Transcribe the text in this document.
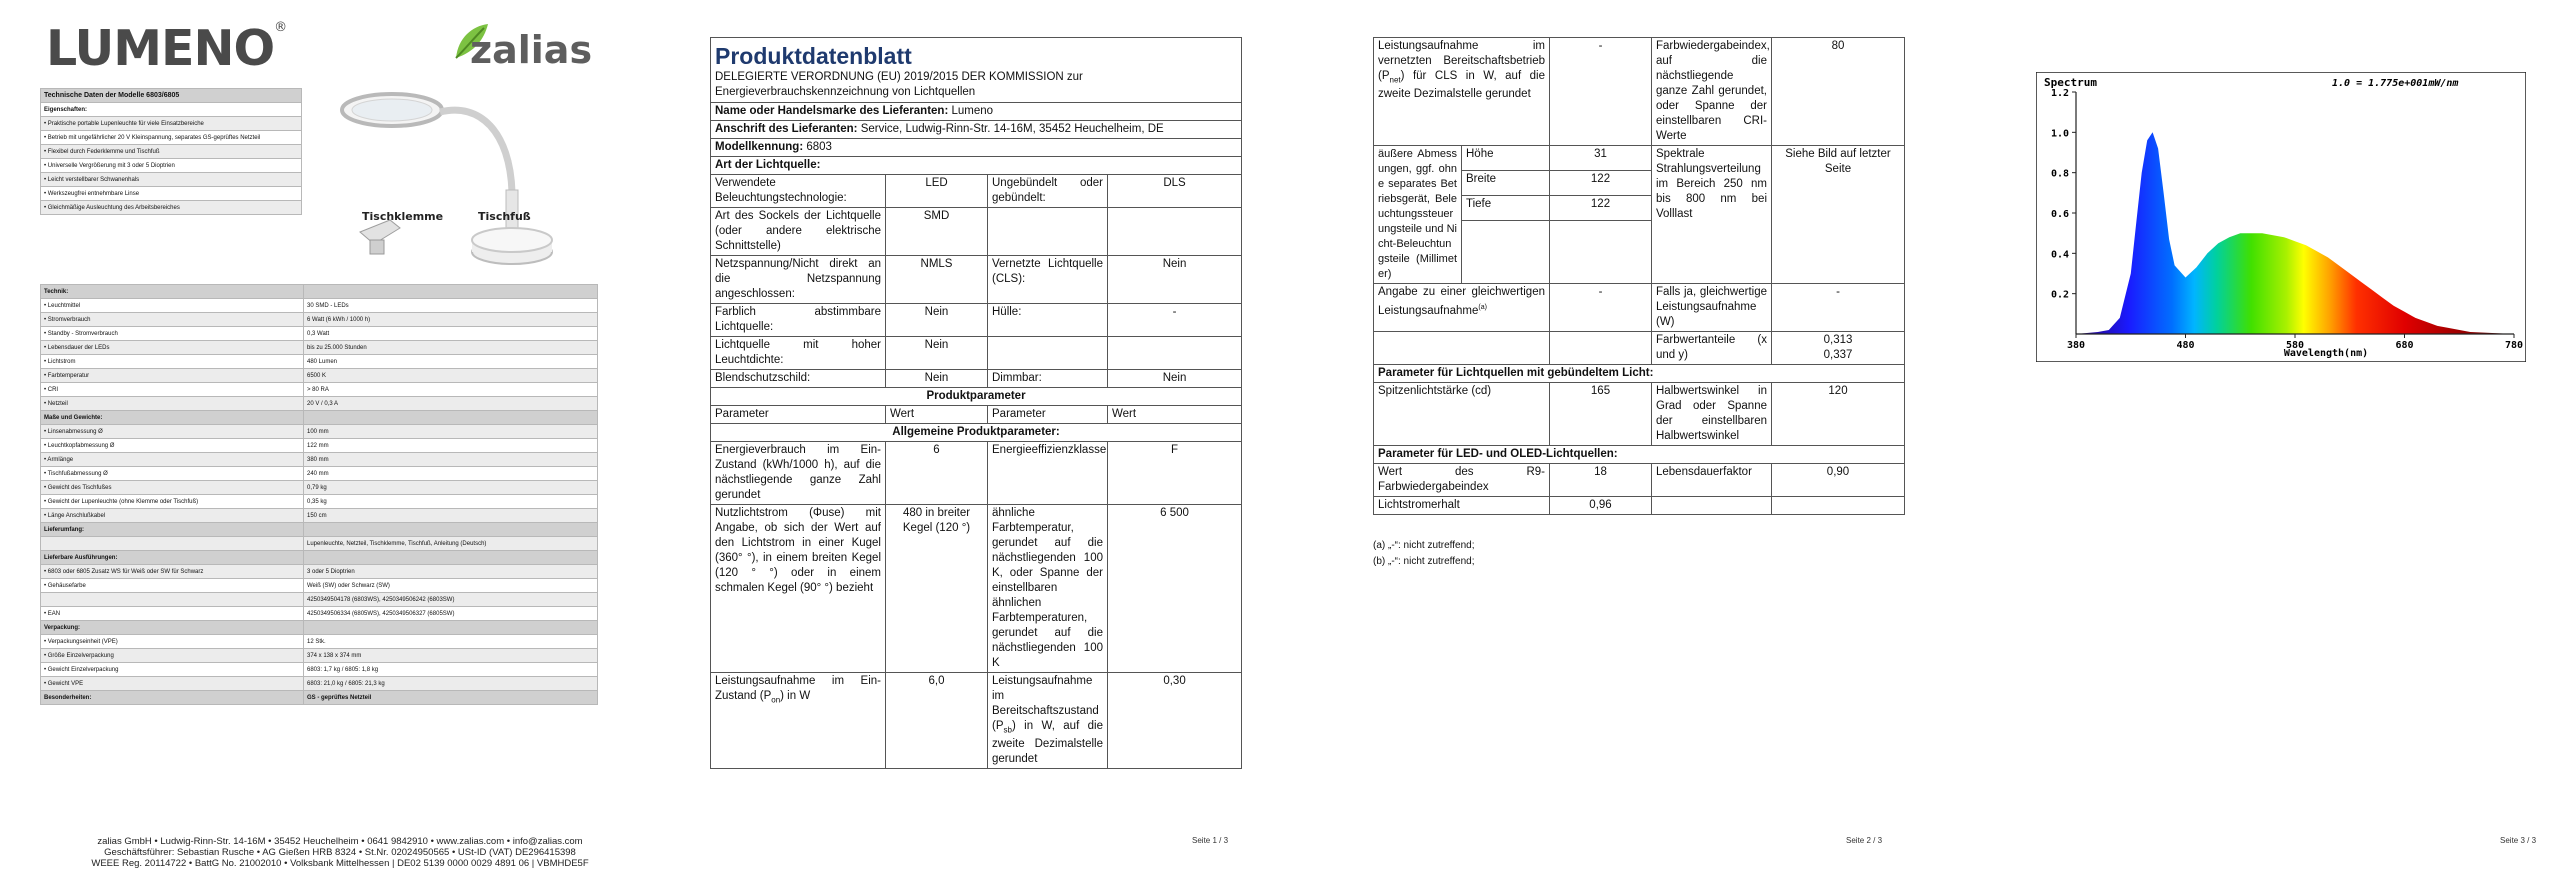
LUMENO®
zalias
Technische Daten der Modelle 6803/6805
Eigenschaften:
• Praktische portable Lupenleuchte für viele Einsatzbereiche
• Betrieb mit ungefährlicher 20 V Kleinspannung, separates GS-geprüftes Netzteil
• Flexibel durch Federklemme und Tischfuß
• Universelle Vergrößerung mit 3 oder 5 Dioptrien
• Leicht verstellbarer Schwanenhals
• Werkszeugfrei entnehmbare Linse
• Gleichmäßige Ausleuchtung des Arbeitsbereiches
Tischklemme	Tischfuß
Technik:	
• Leuchtmittel	30 SMD - LEDs
• Stromverbrauch	6 Watt (6 kWh / 1000 h)
• Standby - Stromverbrauch	0,3 Watt
• Lebensdauer der LEDs	bis zu 25.000 Stunden
• Lichtstrom	480 Lumen
• Farbtemperatur	6500 K
• CRI	> 80 RA
• Netzteil	20 V / 0,3 A
Maße und Gewichte:	
• Linsenabmessung Ø	100 mm
• Leuchtkopfabmessung Ø	122 mm
• Armlänge	380 mm
• Tischfußabmessung Ø	240 mm
• Gewicht des Tischfußes	0,79 kg
• Gewicht der Lupenleuchte (ohne Klemme oder Tischfuß)	0,35 kg
• Länge Anschlußkabel	150 cm
Lieferumfang:	
	Lupenleuchte, Netzteil, Tischklemme, Tischfuß, Anleitung (Deutsch)
Lieferbare Ausführungen:	
• 6803 oder 6805 Zusatz WS für Weiß oder SW für Schwarz	3 oder 5 Dioptrien
• Gehäusefarbe	Weiß (SW) oder Schwarz (SW)
	4250349504178 (6803WS), 4250349506242 (6803SW)
• EAN	4250349506334 (6805WS), 4250349506327 (6805SW)
Verpackung:	
• Verpackungseinheit (VPE)	12 Stk.
• Größe Einzelverpackung	374 x 138 x 374 mm
• Gewicht Einzelverpackung	6803: 1,7 kg / 6805: 1,8 kg
• Gewicht VPE	6803: 21,0 kg / 6805: 21,3 kg
Besonderheiten:	GS - geprüftes Netzteil
zalias GmbH • Ludwig-Rinn-Str. 14-16M • 35452 Heuchelheim • 0641 9842910 • www.zalias.com • info@zalias.com
Geschäftsführer: Sebastian Rusche • AG Gießen HRB 8324 • St.Nr. 02024950565 • USt-ID (VAT) DE296415398
WEEE Reg. 20114722 • BattG No. 21002010 • Volksbank Mittelhessen | DE02 5139 0000 0029 4891 06 | VBMHDE5F
Produktdatenblatt
DELEGIERTE VERORDNUNG (EU) 2019/2015 DER KOMMISSION zur Energieverbrauchskennzeichnung von Lichtquellen			

Name oder Handelsmarke des Lieferanten: Lumeno			
Anschrift des Lieferanten: Service, Ludwig-Rinn-Str. 14-16M, 35452 Heuchelheim, DE			
Modellkennung: 6803			
Art der Lichtquelle:			
Verwendete Beleuchtungstechnologie:	LED	Ungebündelt oder gebündelt:	DLS
Art des Sockels der Lichtquelle (oder andere elektrische Schnittstelle)	SMD		
Netzspannung/Nicht direkt an die Netzspannung angeschlossen:	NMLS	Vernetzte Lichtquelle (CLS):	Nein
Farblich abstimmbare Lichtquelle:	Nein	Hülle:	-
Lichtquelle mit hoher Leuchtdichte:	Nein		
Blendschutzschild:	Nein	Dimmbar:	Nein
Produktparameter			
Parameter	Wert	Parameter	Wert
Allgemeine Produktparameter:			
Energieverbrauch im Ein-Zustand (kWh/1000 h), auf die nächstliegende ganze Zahl gerundet	6	Energieeffizienzklasse	F
Nutzlichtstrom (Φuse) mit Angabe, ob sich der Wert auf den Lichtstrom in einer Kugel (360° °), in einem breiten Kegel (120 ° °) oder in einem schmalen Kegel (90° °) bezieht	480 in breiter Kegel (120 °)	ähnliche Farbtemperatur, gerundet auf die nächstliegenden 100 K, oder Spanne der einstellbaren ähnlichen Farbtemperaturen, gerundet auf die nächstliegenden 100 K	6 500
Leistungsaufnahme im Ein-Zustand $(P_{on})$ in W	6,0	Leistungsaufnahme im Bereitschaftszustand $(P_{sb})$ in W, auf die zweite Dezimalstelle gerundet	0,30
Seite 1 / 3
Leistungsaufnahme im vernetzten Bereitschaftsbetrieb $(P_{net})$ für CLS in W, auf die zweite Dezimalstelle gerundet		-	Farbwiedergabeindex, auf die nächstliegende ganze Zahl gerundet, oder Spanne der einstellbaren CRI-Werte	80
äußere Abmessungen, ggf. ohne separates Betriebsgerät, Beleuchtungssteuerungsteile und Nicht-Beleuchtungsteile (Millimeter)	Höhe	31	Spektrale Strahlungsverteilung im Bereich 250 nm bis 800 nm bei Volllast	Siehe Bild auf letzter Seite
	Breite	122		
	Tiefe	122		

Angabe zu einer gleichwertigen Leistungsaufnahme$^{(a)}$		-	Falls ja, gleichwertige Leistungsaufnahme (W)	-
			Farbwertanteile (x und y)	0,313
0,337

Parameter für Lichtquellen mit gebündeltem Licht:				
Spitzenlichtstärke (cd)		165	Halbwertswinkel in Grad oder Spanne der einstellbaren Halbwertswinkel	120
Parameter für LED- und OLED-Lichtquellen:				
Wert des R9-Farbwiedergabeindex		18	Lebensdauerfaktor	0,90
Lichtstromerhalt		0,96		
(a) „-“: nicht zutreffend;
(b) „-“: nicht zutreffend;
Seite 2 / 3
Spectrum	1.0 = 1.775e+001mW/nm
0.2
0.4
0.6
0.8
1.0
1.2
380	480	580	680	780
Wavelength(nm)
Seite 3 / 3
